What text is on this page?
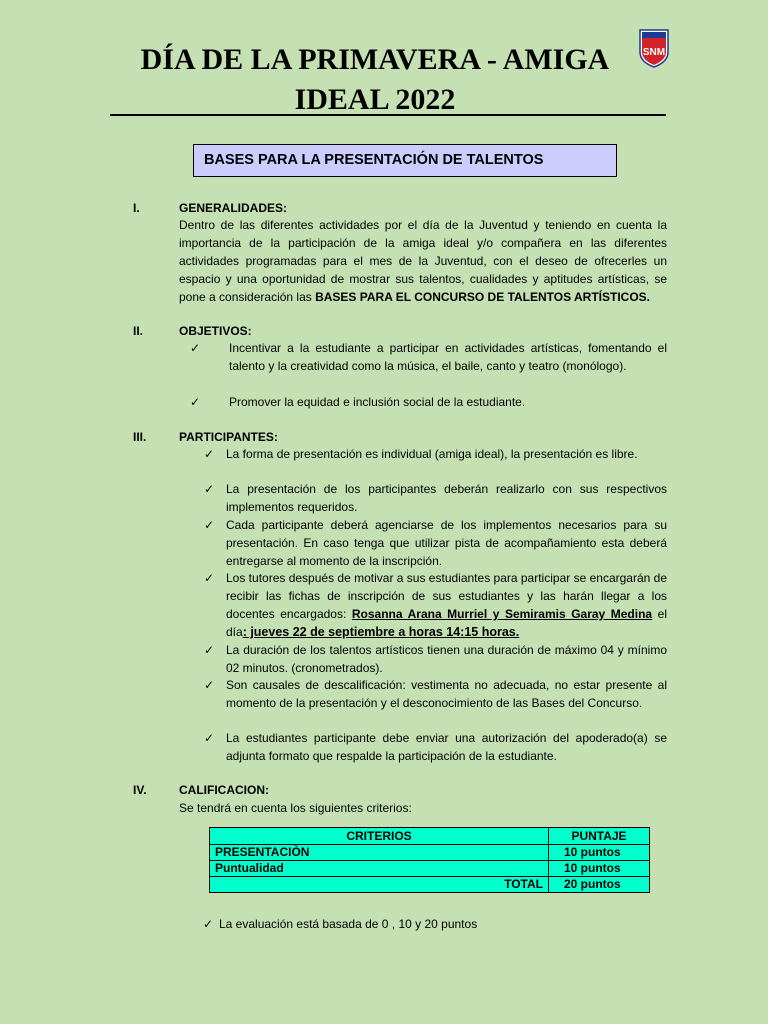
DÍA DE LA PRIMAVERA - AMIGA
IDEAL 2022
SNM
BASES PARA LA PRESENTACIÓN DE TALENTOS
I.	GENERALIDADES:
Dentro de las diferentes actividades por el día de la Juventud y teniendo en cuenta la importancia de la participación de la amiga ideal y/o compañera en las diferentes actividades programadas para el mes de la Juventud, con el deseo de ofrecerles un espacio y una oportunidad de mostrar sus talentos, cualidades y aptitudes artísticas, se pone a consideración las BASES PARA EL CONCURSO DE TALENTOS ARTÍSTICOS.
II.	OBJETIVOS:
✓ Incentivar a la estudiante a participar en actividades artísticas, fomentando el talento y la creatividad como la música, el baile, canto y teatro (monólogo).
✓ Promover la equidad e inclusión social de la estudiante.
III.	PARTICIPANTES:
✓ La forma de presentación es individual (amiga ideal), la presentación es libre.
✓ La presentación de los participantes deberán realizarlo con sus respectivos implementos requeridos.
✓ Cada participante deberá agenciarse de los implementos necesarios para su presentación. En caso tenga que utilizar pista de acompañamiento esta deberá entregarse al momento de la inscripción.
✓ Los tutores después de motivar a sus estudiantes para participar se encargarán de recibir las fichas de inscripción de sus estudiantes y las harán llegar a los docentes encargados: Rosanna Arana Murriel y Semiramis Garay Medina el día: jueves 22 de septiembre a horas 14:15 horas.
✓ La duración de los talentos artísticos tienen una duración de máximo 04 y mínimo 02 minutos. (cronometrados).
✓ Son causales de descalificación: vestimenta no adecuada, no estar presente al momento de la presentación y el desconocimiento de las Bases del Concurso.
✓ La estudiantes participante debe enviar una autorización del apoderado(a) se adjunta formato que respalde la participación de la estudiante.
IV.	CALIFICACION:
Se tendrá en cuenta los siguientes criterios:
CRITERIOS	PUNTAJE
PRESENTACIÒN	10 puntos
Puntualidad	10 puntos
TOTAL	20 puntos
✓ La evaluación está basada de 0 , 10 y 20 puntos
